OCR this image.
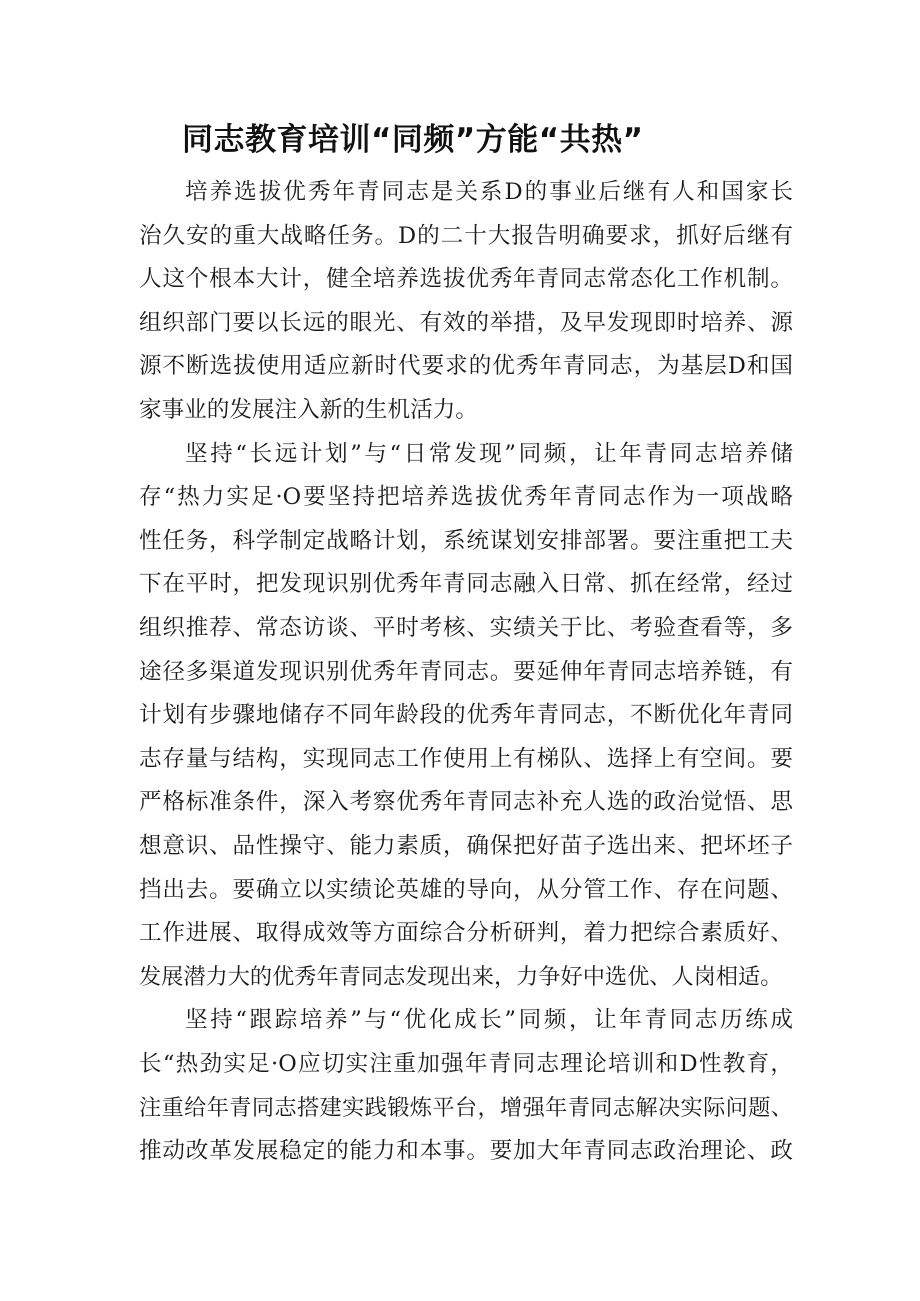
同志教育培训“同频”方能“共热”

培养选拔优秀年青同志是关系D的事业后继有人和国家长

治久安的重大战略任务。D的二十大报告明确要求，抓好后继有

人这个根本大计，健全培养选拔优秀年青同志常态化工作机制。

组织部门要以长远的眼光、有效的举措，及早发现即时培养、源

源不断选拔使用适应新时代要求的优秀年青同志，为基层D和国

家事业的发展注入新的生机活力。

坚持“长远计划”与“日常发现”同频，让年青同志培养储

存“热力实足·O要坚持把培养选拔优秀年青同志作为一项战略

性任务，科学制定战略计划，系统谋划安排部署。要注重把工夫

下在平时，把发现识别优秀年青同志融入日常、抓在经常，经过

组织推荐、常态访谈、平时考核、实绩关于比、考验查看等，多

途径多渠道发现识别优秀年青同志。要延伸年青同志培养链，有

计划有步骤地储存不同年龄段的优秀年青同志，不断优化年青同

志存量与结构，实现同志工作使用上有梯队、选择上有空间。要

严格标准条件，深入考察优秀年青同志补充人选的政治觉悟、思

想意识、品性操守、能力素质，确保把好苗子选出来、把坏坯子

挡出去。要确立以实绩论英雄的导向，从分管工作、存在问题、

工作进展、取得成效等方面综合分析研判，着力把综合素质好、

发展潜力大的优秀年青同志发现出来，力争好中选优、人岗相适。

坚持“跟踪培养”与“优化成长”同频，让年青同志历练成

长“热劲实足·O应切实注重加强年青同志理论培训和D性教育，

注重给年青同志搭建实践锻炼平台，增强年青同志解决实际问题、

推动改革发展稳定的能力和本事。要加大年青同志政治理论、政
